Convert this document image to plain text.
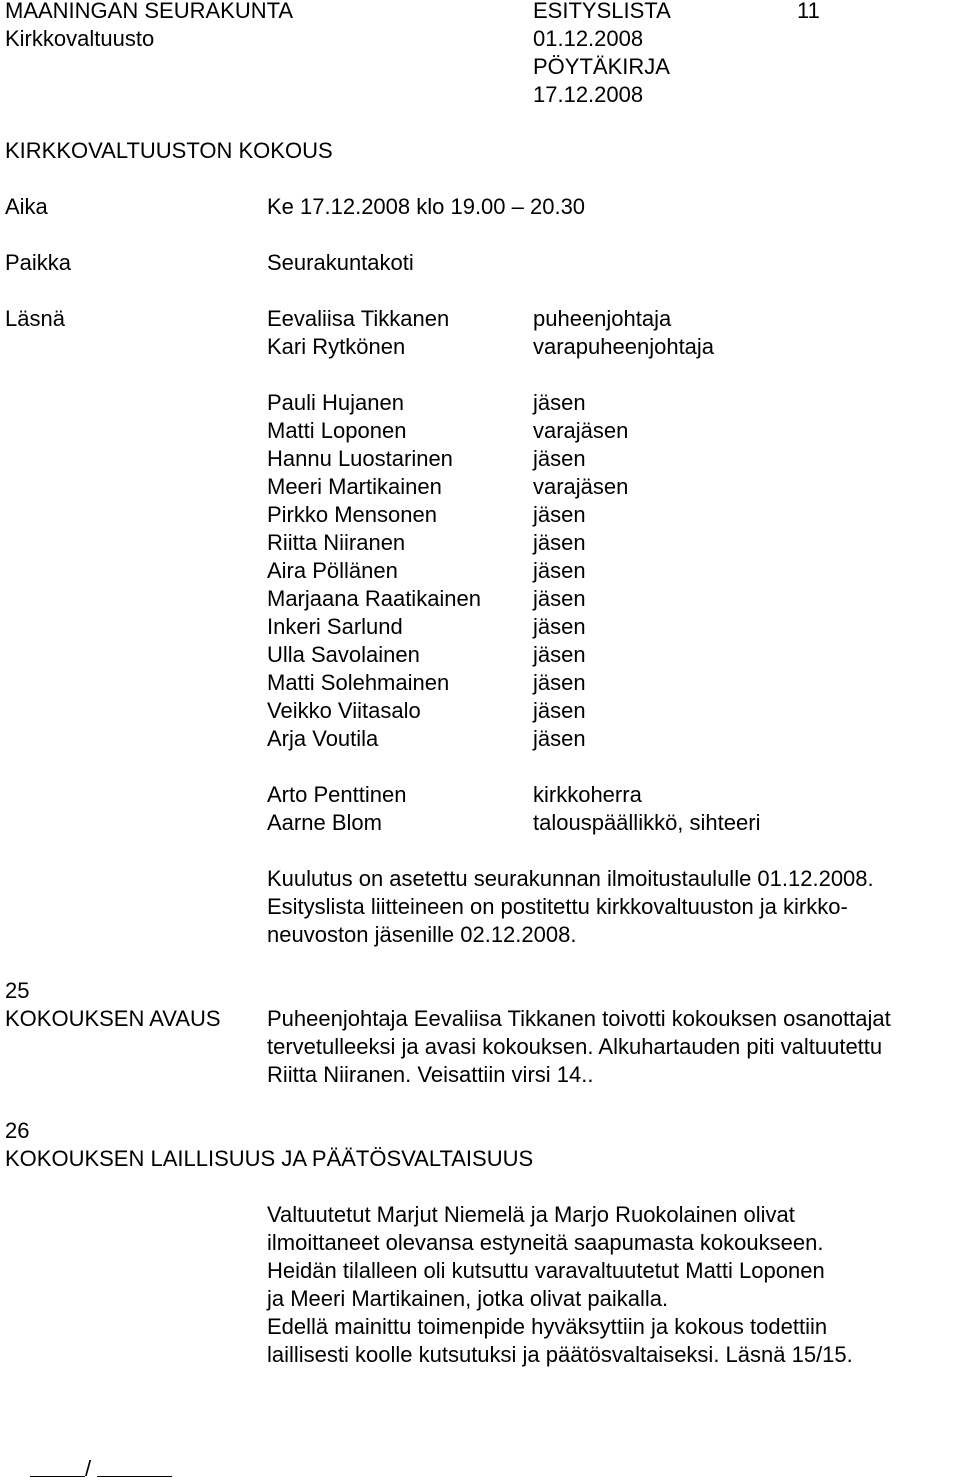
MAANINGAN SEURAKUNTA	ESITYSLISTA	11
Kirkkovaltuusto	01.12.2008
PÖYTÄKIRJA
17.12.2008
KIRKKOVALTUUSTON KOKOUS
Aika	Ke 17.12.2008 klo 19.00 – 20.30
Paikka	Seurakuntakoti
Läsnä	Eevaliisa Tikkanen	puheenjohtaja
Kari Rytkönen	varapuheenjohtaja
Pauli Hujanen	jäsen
Matti Loponen	varajäsen
Hannu Luostarinen	jäsen
Meeri Martikainen	varajäsen
Pirkko Mensonen	jäsen
Riitta Niiranen	jäsen
Aira Pöllänen	jäsen
Marjaana Raatikainen jäsen
Inkeri Sarlund	jäsen
Ulla Savolainen	jäsen
Matti Solehmainen	jäsen
Veikko Viitasalo	jäsen
Arja Voutila	jäsen
Arto Penttinen	kirkkoherra
Aarne Blom	talouspäällikkö, sihteeri
Kuulutus on asetettu seurakunnan ilmoitustaululle 01.12.2008.
Esityslista liitteineen on postitettu kirkkovaltuuston ja kirkko-
neuvoston jäsenille 02.12.2008.
25
KOKOUKSEN AVAUS Puheenjohtaja Eevaliisa Tikkanen toivotti kokouksen osanottajat
tervetulleeksi ja avasi kokouksen. Alkuhartauden piti valtuutettu
Riitta Niiranen. Veisattiin virsi 14..
26
KOKOUKSEN LAILLISUUS JA PÄÄTÖSVALTAISUUS
Valtuutetut Marjut Niemelä ja Marjo Ruokolainen olivat
ilmoittaneet olevansa estyneitä saapumasta kokoukseen.
Heidän tilalleen oli kutsuttu varavaltuutetut Matti Loponen
ja Meeri Martikainen, jotka olivat paikalla.
Edellä mainittu toimenpide hyväksyttiin ja kokous todettiin
laillisesti koolle kutsutuksi ja päätösvaltaiseksi. Läsnä 15/15.
/
